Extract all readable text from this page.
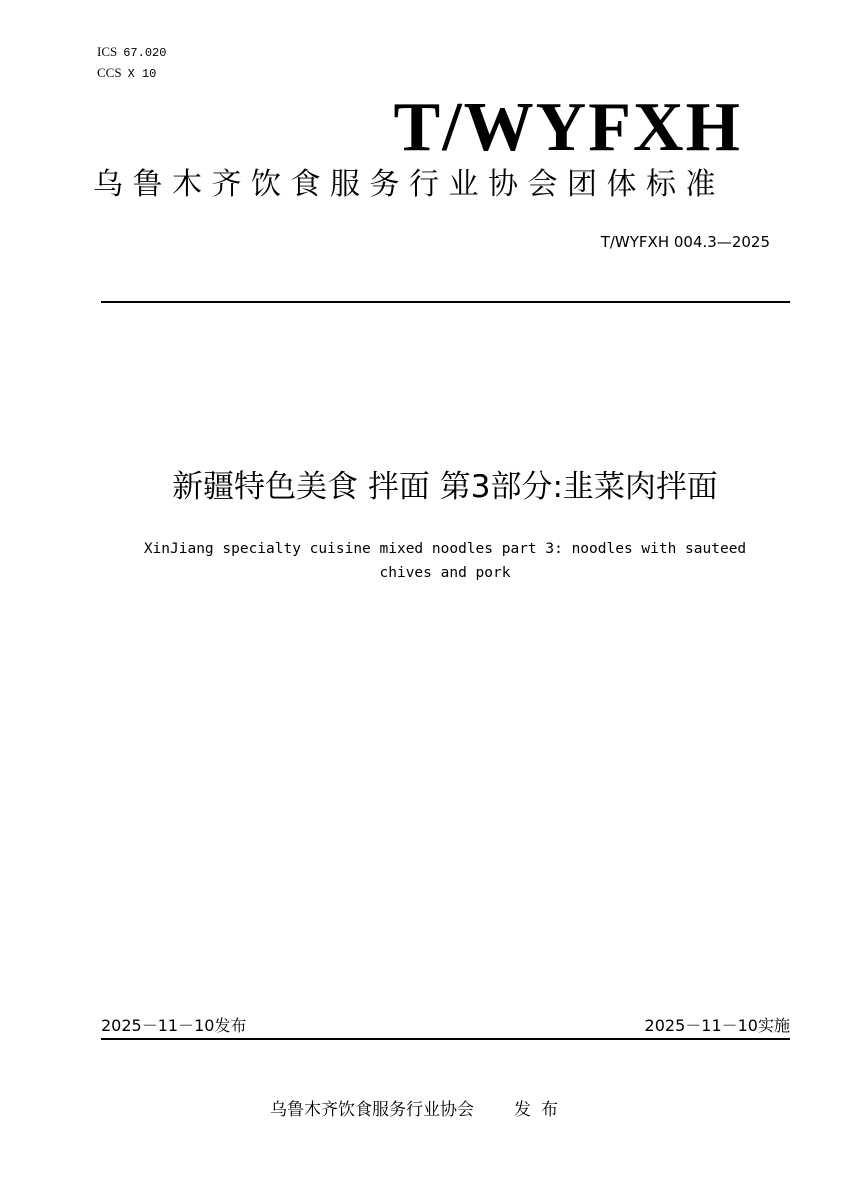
ICS 67.020
CCS X 10
T/WYFXH
乌鲁木齐饮食服务行业协会团体标准
T/WYFXH 004.3—2025
新疆特色美食 拌面 第3部分:韭菜肉拌面
XinJiang specialty cuisine mixed noodles part 3: noodles with sauteed
chives and pork
2025－11－10发布	2025－11－10实施
乌鲁木齐饮食服务行业协会 发布
